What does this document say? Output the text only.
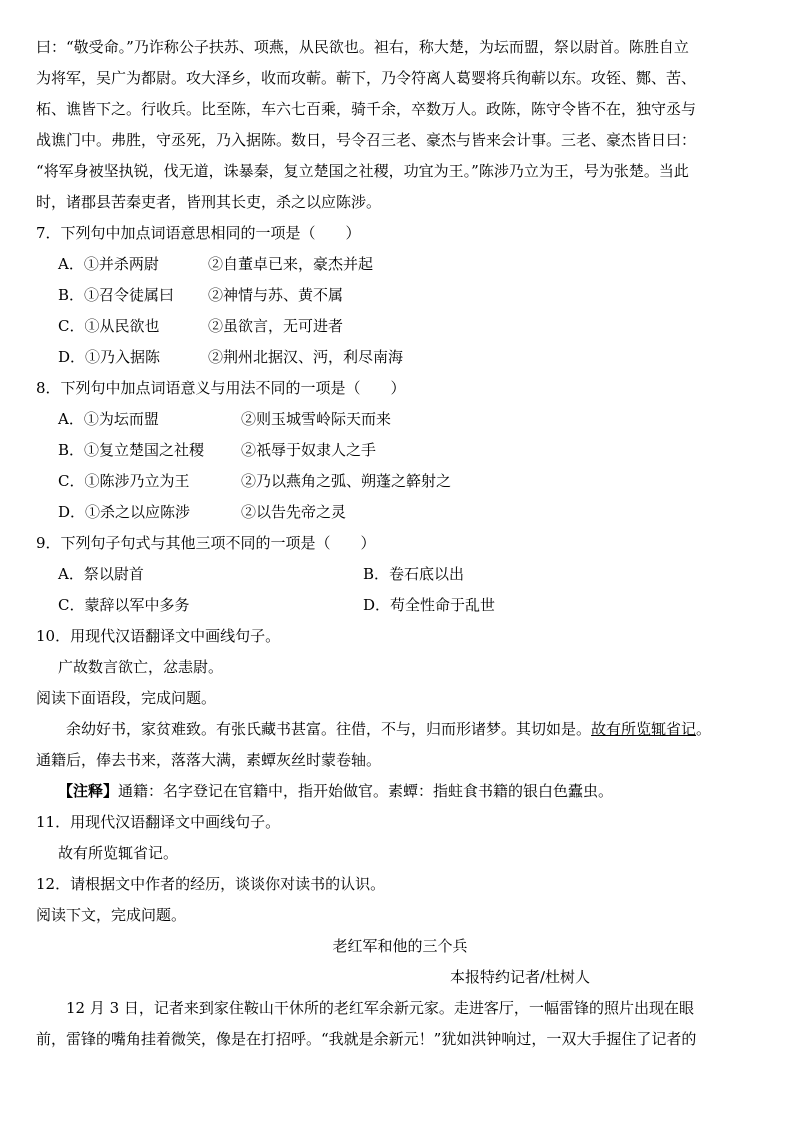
曰：“敬受命。”乃诈称公子扶苏、项燕，从民欲也。袒右，称大楚，为坛而盟，祭以尉首。陈胜自立
为将军，吴广为都尉。攻大泽乡，收而攻蕲。蕲下，乃令符离人葛婴将兵徇蕲以东。攻铚、酂、苦、
柘、谯皆下之。行收兵。比至陈，车六七百乘，骑千余，卒数万人。政陈，陈守令皆不在，独守丞与
战谯门中。弗胜，守丞死，乃入据陈。数日，号令召三老、豪杰与皆来会计事。三老、豪杰皆日曰：
“将军身被坚执锐，伐无道，诛暴秦，复立楚国之社稷，功宜为王。”陈涉乃立为王，号为张楚。当此
时，诸郡县苦秦吏者，皆刑其长吏，杀之以应陈涉。
7．下列句中加点词语意思相同的一项是（　　）
A．①并杀两尉	②自董卓已来，豪杰并起
B．①召令徒属曰	②神情与苏、黄不属
C．①从民欲也	②虽欲言，无可进者
D．①乃入据陈	②荆州北据汉、沔，利尽南海
8．下列句中加点词语意义与用法不同的一项是（　　）
A．①为坛而盟	②则玉城雪岭际天而来
B．①复立楚国之社稷	②祇辱于奴隶人之手
C．①陈涉乃立为王	②乃以燕角之弧、朔蓬之簳射之
D．①杀之以应陈涉	②以告先帝之灵
9．下列句子句式与其他三项不同的一项是（　　）
A．祭以尉首	B．卷石底以出
C．蒙辞以军中多务	D．苟全性命于乱世
10．用现代汉语翻译文中画线句子。
广故数言欲亡，忿恚尉。
阅读下面语段，完成问题。
余幼好书，家贫难致。有张氏藏书甚富。往借，不与，归而形诸梦。其切如是。故有所览辄省记。
通籍后，俸去书来，落落大满，素蟫灰丝时蒙卷轴。
【注释】通籍：名字登记在官籍中，指开始做官。素蟫：指蛀食书籍的银白色蠹虫。
11．用现代汉语翻译文中画线句子。
故有所览辄省记。
12．请根据文中作者的经历，谈谈你对读书的认识。
阅读下文，完成问题。
老红军和他的三个兵
本报特约记者/杜树人
12 月 3 日，记者来到家住鞍山干休所的老红军余新元家。走进客厅，一幅雷锋的照片出现在眼
前，雷锋的嘴角挂着微笑，像是在打招呼。“我就是余新元！”犹如洪钟响过，一双大手握住了记者的
